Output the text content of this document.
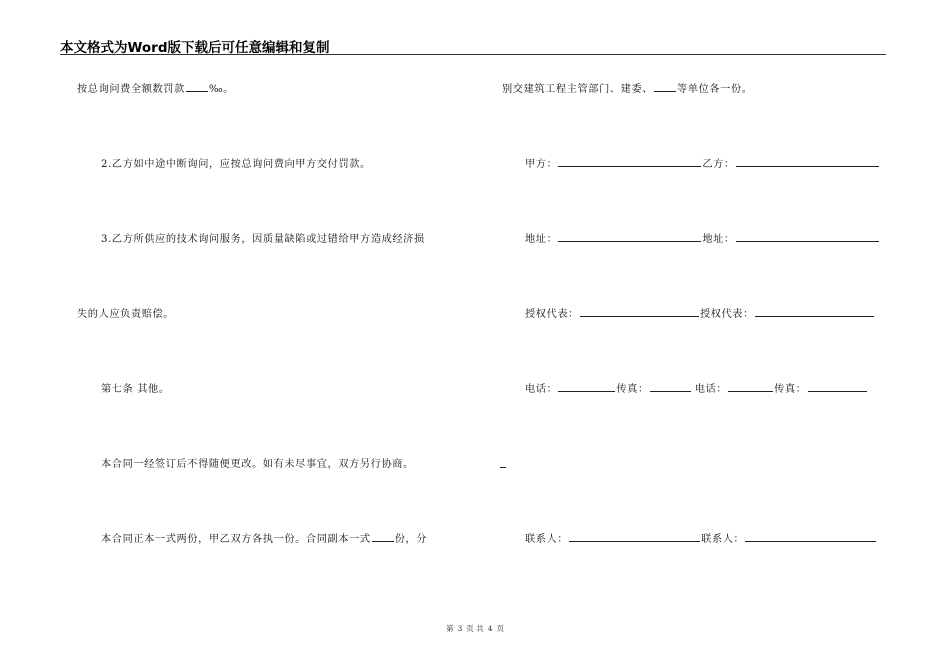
本文格式为Word版下载后可任意编辑和复制
按总询问费全额数罚款 ‰。
2.乙方如中途中断询问，应按总询问费向甲方交付罚款。
3.乙方所供应的技术询问服务，因质量缺陷或过错给甲方造成经济损
失的人应负责赔偿。
第七条 其他。
本合同一经签订后不得随便更改。如有未尽事宜，双方另行协商。
本合同正本一式两份，甲乙双方各执一份。合同副本一式 份，分
别交建筑工程主管部门、建委、 等单位各一份。
甲方：	乙方：
地址：	地址：
授权代表：	授权代表：
电话：	传真：	电话：	传真：
联系人：	联系人：
第 3 页 共 4 页
